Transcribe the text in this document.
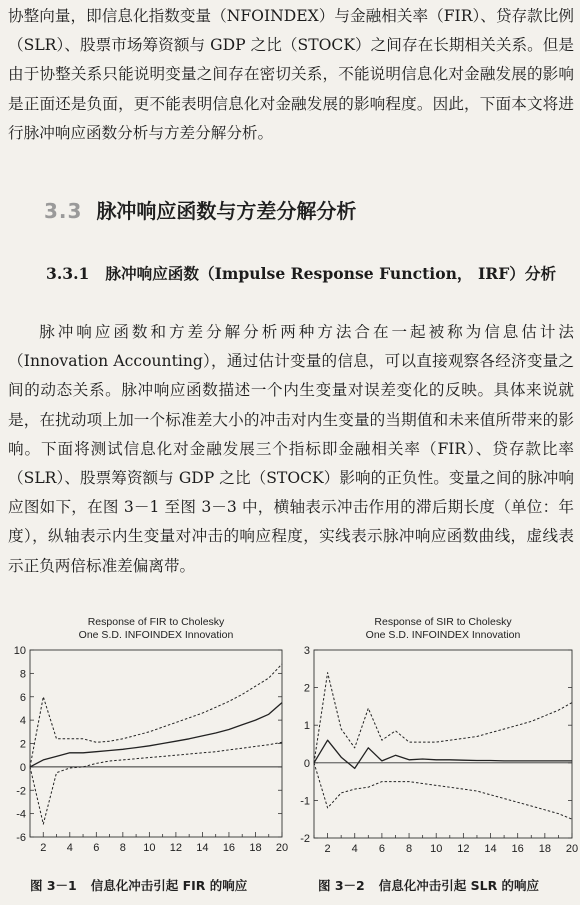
协整向量，即信息化指数变量（NFOINDEX）与金融相关率（FIR）、贷存款比例（SLR）、股票市场筹资额与 GDP 之比（STOCK）之间存在长期相关关系。但是由于协整关系只能说明变量之间存在密切关系，不能说明信息化对金融发展的影响是正面还是负面，更不能表明信息化对金融发展的影响程度。因此，下面本文将进行脉冲响应函数分析与方差分解分析。

3.3 脉冲响应函数与方差分解分析
3.3.1 脉冲响应函数（Impulse Response Function， IRF）分析

脉冲响应函数和方差分解分析两种方法合在一起被称为信息估计法（Innovation Accounting），通过估计变量的信息，可以直接观察各经济变量之间的动态关系。脉冲响应函数描述一个内生变量对误差变化的反映。具体来说就是，在扰动项上加一个标准差大小的冲击对内生变量的当期值和未来值所带来的影响。下面将测试信息化对金融发展三个指标即金融相关率（FIR）、贷存款比率（SLR）、股票筹资额与 GDP 之比（STOCK）影响的正负性。变量之间的脉冲响应图如下，在图 3－1 至图 3－3 中，横轴表示冲击作用的滞后期长度（单位：年度），纵轴表示内生变量对冲击的响应程度，实线表示脉冲响应函数曲线，虚线表示正负两倍标准差偏离带。

Response of FIR to Cholesky
One S.D. INFOINDEX Innovation
-6
-4
-2
0
2
4
6
8
10
2 4 6 8 10 12 14 16 18 20
Response of SIR to Cholesky
One S.D. INFOINDEX Innovation
-2
-1
0
1
2
3
2 4 6 8 10 12 14 16 18 20
图 3－1 信息化冲击引起 FIR 的响应	图 3－2 信息化冲击引起 SLR 的响应
